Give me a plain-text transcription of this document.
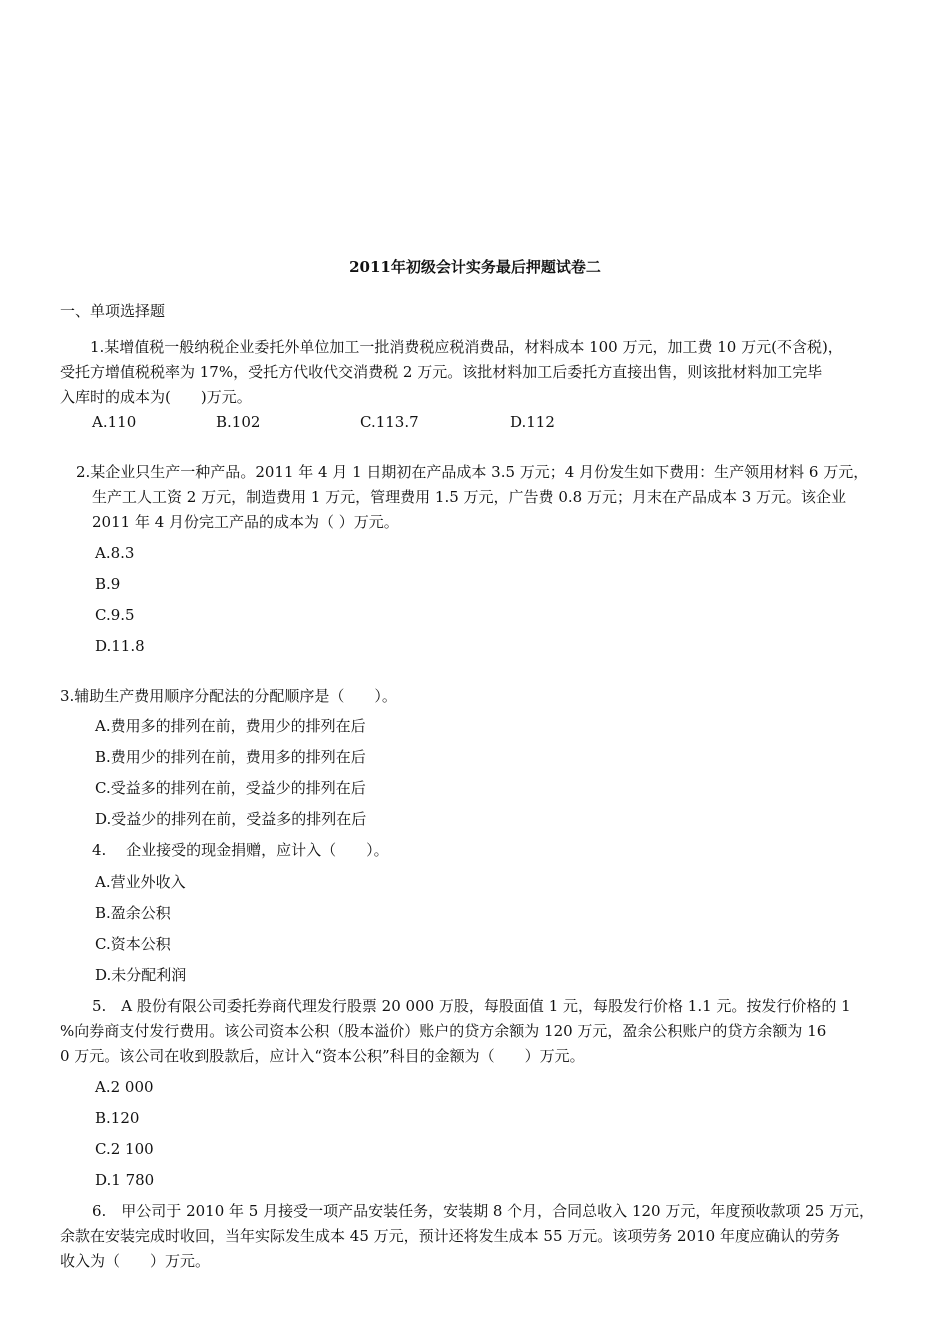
2011年初级会计实务最后押题试卷二
一、单项选择题
1.某增值税一般纳税企业委托外单位加工一批消费税应税消费品，材料成本 100 万元，加工费 10 万元(不含税)，
受托方增值税税率为 17%，受托方代收代交消费税 2 万元。该批材料加工后委托方直接出售，则该批材料加工完毕
入库时的成本为(　　)万元。
A.110	B.102	C.113.7	D.112
2.某企业只生产一种产品。2011 年 4 月 1 日期初在产品成本 3.5 万元；4 月份发生如下费用：生产领用材料 6 万元，
生产工人工资 2 万元，制造费用 1 万元，管理费用 1.5 万元，广告费 0.8 万元；月末在产品成本 3 万元。该企业
2011 年 4 月份完工产品的成本为（ ）万元。
A.8.3
B.9
C.9.5
D.11.8
3.辅助生产费用顺序分配法的分配顺序是（　　）。
A.费用多的排列在前，费用少的排列在后
B.费用少的排列在前，费用多的排列在后
C.受益多的排列在前，受益少的排列在后
D.受益少的排列在前，受益多的排列在后
4.　 企业接受的现金捐赠，应计入（　　）。
A.营业外收入
B.盈余公积
C.资本公积
D.未分配利润
5.　A 股份有限公司委托券商代理发行股票 20 000 万股，每股面值 1 元，每股发行价格 1.1 元。按发行价格的 1
%向券商支付发行费用。该公司资本公积（股本溢价）账户的贷方余额为 120 万元，盈余公积账户的贷方余额为 16
0 万元。该公司在收到股款后，应计入“资本公积”科目的金额为（　　）万元。
A.2 000
B.120
C.2 100
D.1 780
6.　甲公司于 2010 年 5 月接受一项产品安装任务，安装期 8 个月，合同总收入 120 万元，年度预收款项 25 万元，
余款在安装完成时收回，当年实际发生成本 45 万元，预计还将发生成本 55 万元。该项劳务 2010 年度应确认的劳务
收入为（　　）万元。
